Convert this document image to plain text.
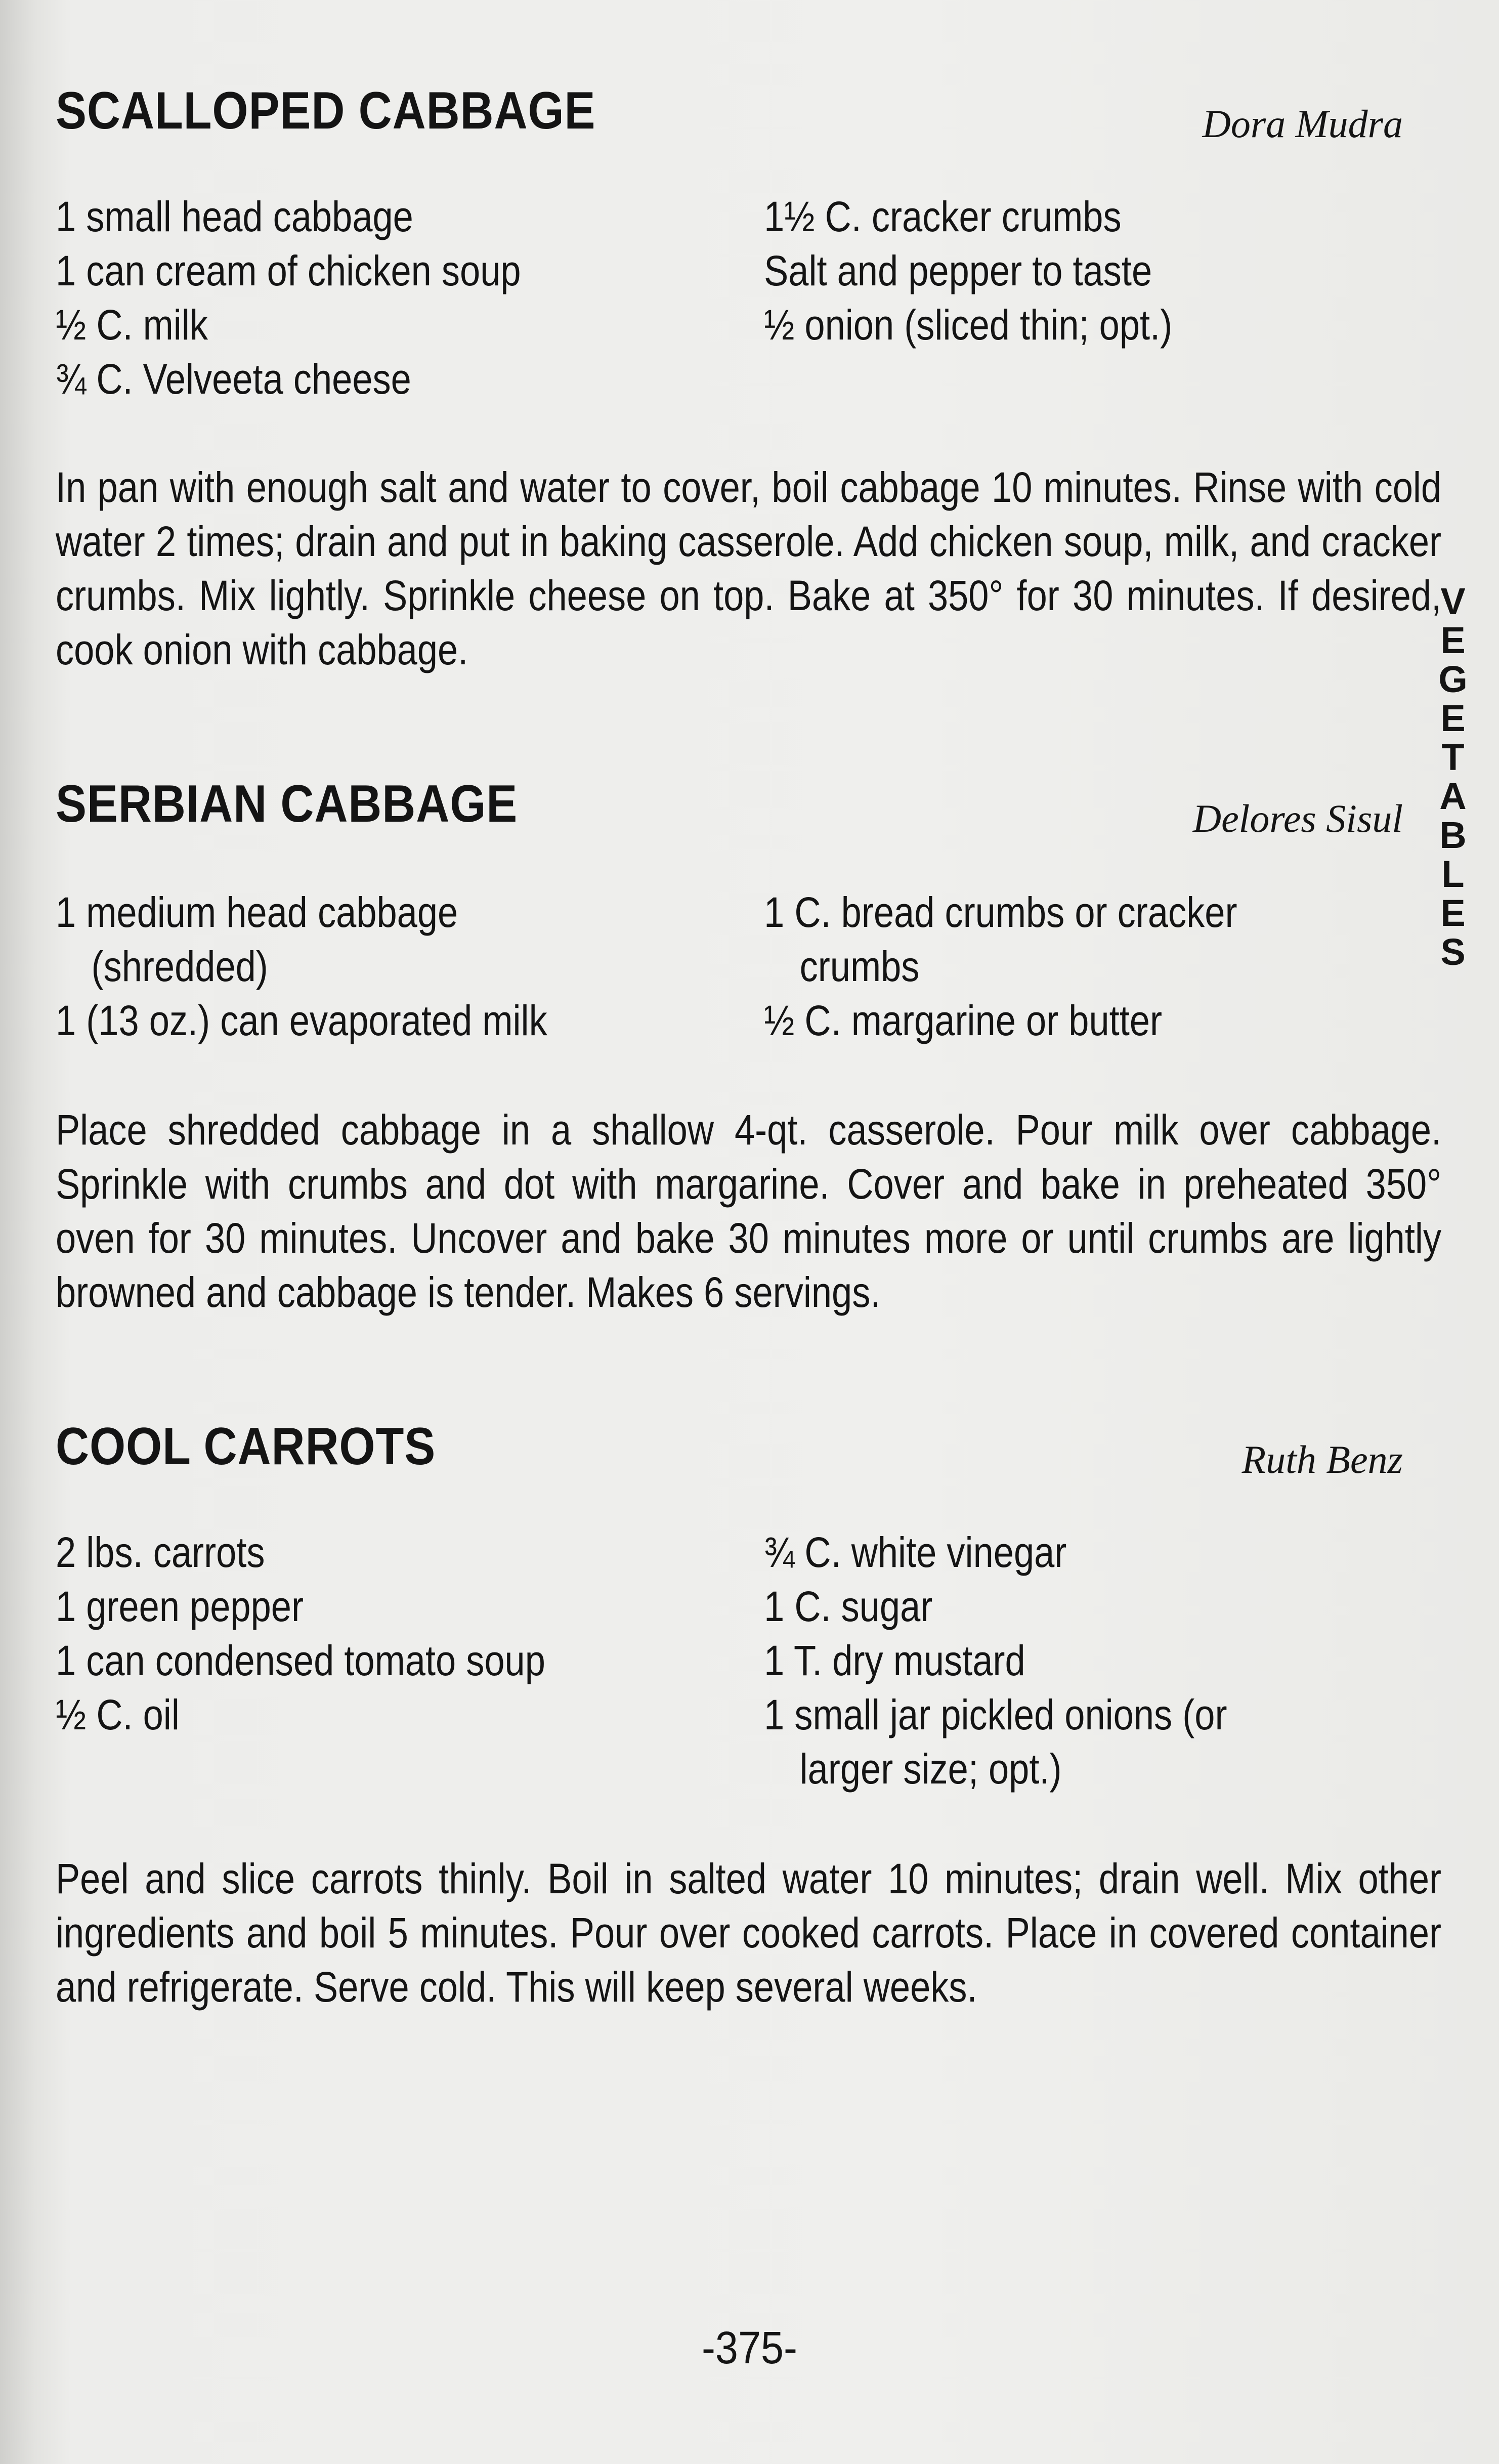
SCALLOPED CABBAGE	Dora Mudra
1 small head cabbage
1 can cream of chicken soup
½ C. milk
¾ C. Velveeta cheese
1½ C. cracker crumbs
Salt and pepper to taste
½ onion (sliced thin; opt.)
In pan with enough salt and water to cover, boil cabbage 10 minutes. Rinse with cold water 2 times; drain and put in baking casserole. Add chicken soup, milk, and cracker crumbs. Mix lightly. Sprinkle cheese on top. Bake at 350° for 30 minutes. If desired, cook onion with cabbage.
SERBIAN CABBAGE	Delores Sisul
1 medium head cabbage
(shredded)
1 (13 oz.) can evaporated milk
1 C. bread crumbs or cracker
crumbs
½ C. margarine or butter
Place shredded cabbage in a shallow 4-qt. casserole. Pour milk over cabbage. Sprinkle with crumbs and dot with margarine. Cover and bake in preheated 350° oven for 30 minutes. Uncover and bake 30 minutes more or until crumbs are lightly browned and cabbage is tender. Makes 6 servings.
COOL CARROTS	Ruth Benz
2 lbs. carrots
1 green pepper
1 can condensed tomato soup
½ C. oil
¾ C. white vinegar
1 C. sugar
1 T. dry mustard
1 small jar pickled onions (or
larger size; opt.)
Peel and slice carrots thinly. Boil in salted water 10 minutes; drain well. Mix other ingredients and boil 5 minutes. Pour over cooked carrots. Place in covered container and refrigerate. Serve cold. This will keep several weeks.
V
E
G
E
T
A
B
L
E
S
-375-
